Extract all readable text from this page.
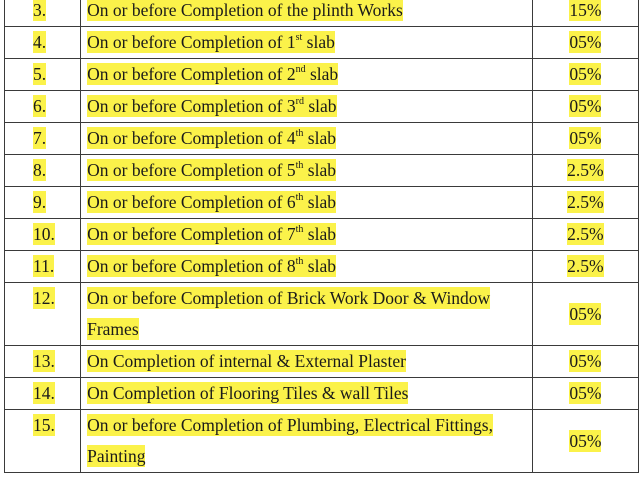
3.	On or before Completion of the plinth Works	15%
4.	On or before Completion of 1st slab	05%
5.	On or before Completion of 2nd slab	05%
6.	On or before Completion of 3rd slab	05%
7.	On or before Completion of 4th slab	05%
8.	On or before Completion of 5th slab	2.5%
9.	On or before Completion of 6th slab	2.5%
10.	On or before Completion of 7th slab	2.5%
11.	On or before Completion of 8th slab	2.5%
12.	On or before Completion of Brick Work Door & Window Frames	05%
13.	On Completion of internal & External Plaster	05%
14.	On Completion of Flooring Tiles & wall Tiles	05%
15.	On or before Completion of Plumbing, Electrical Fittings, Painting	05%
